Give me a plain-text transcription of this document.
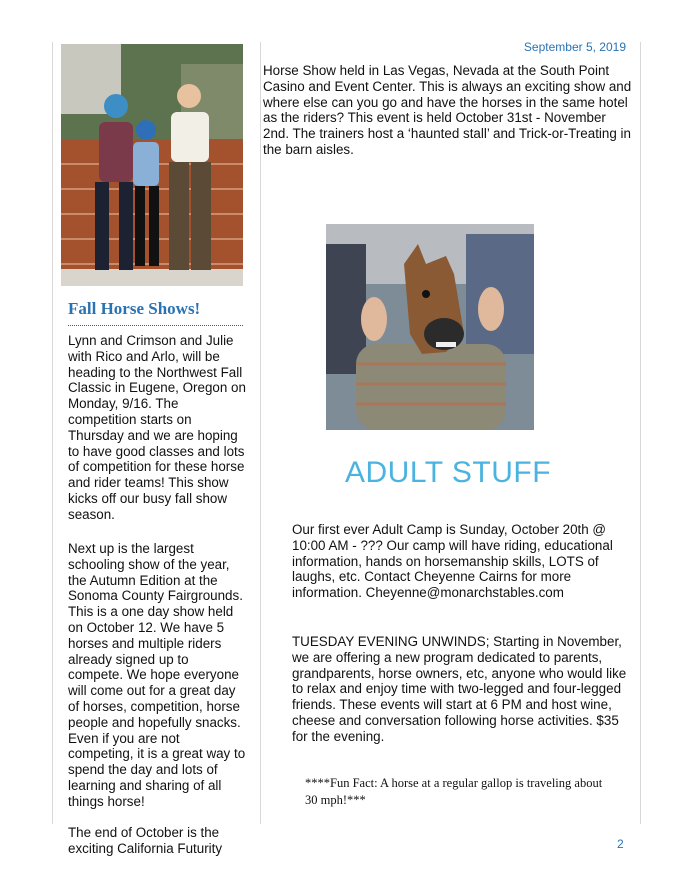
September 5, 2019
Fall Horse Shows!

Lynn and Crimson and Julie with Rico and Arlo, will be heading to the Northwest Fall Classic in Eugene, Oregon on Monday, 9/16. The competition starts on Thursday and we are hoping to have good classes and lots of competition for these horse and rider teams! This show kicks off our busy fall show season.

Next up is the largest schooling show of the year, the Autumn Edition at the Sonoma County Fairgrounds. This is a one day show held on October 12. We have 5 horses and multiple riders already signed up to compete. We hope everyone will come out for a great day of horses, competition, horse people and hopefully snacks. Even if you are not competing, it is a great way to spend the day and lots of learning and sharing of all things horse!

The end of October is the exciting California Futurity

Horse Show held in Las Vegas, Nevada at the South Point Casino and Event Center. This is always an exciting show and where else can you go and have the horses in the same hotel as the riders? This event is held October 31st - November 2nd. The trainers host a ‘haunted stall’ and Trick-or-Treating in the barn aisles.

ADULT STUFF

Our first ever Adult Camp is Sunday, October 20th @ 10:00 AM - ??? Our camp will have riding, educational information, hands on horsemanship skills, LOTS of laughs, etc. Contact Cheyenne Cairns for more information. Cheyenne@monarchstables.com

TUESDAY EVENING UNWINDS; Starting in November, we are offering a new program dedicated to parents, grandparents, horse owners, etc, anyone who would like to relax and enjoy time with two-legged and four-legged friends. These events will start at 6 PM and host wine, cheese and conversation following horse activities. $35 for the evening.

****Fun Fact: A horse at a regular gallop is traveling about 30 mph!***

2
